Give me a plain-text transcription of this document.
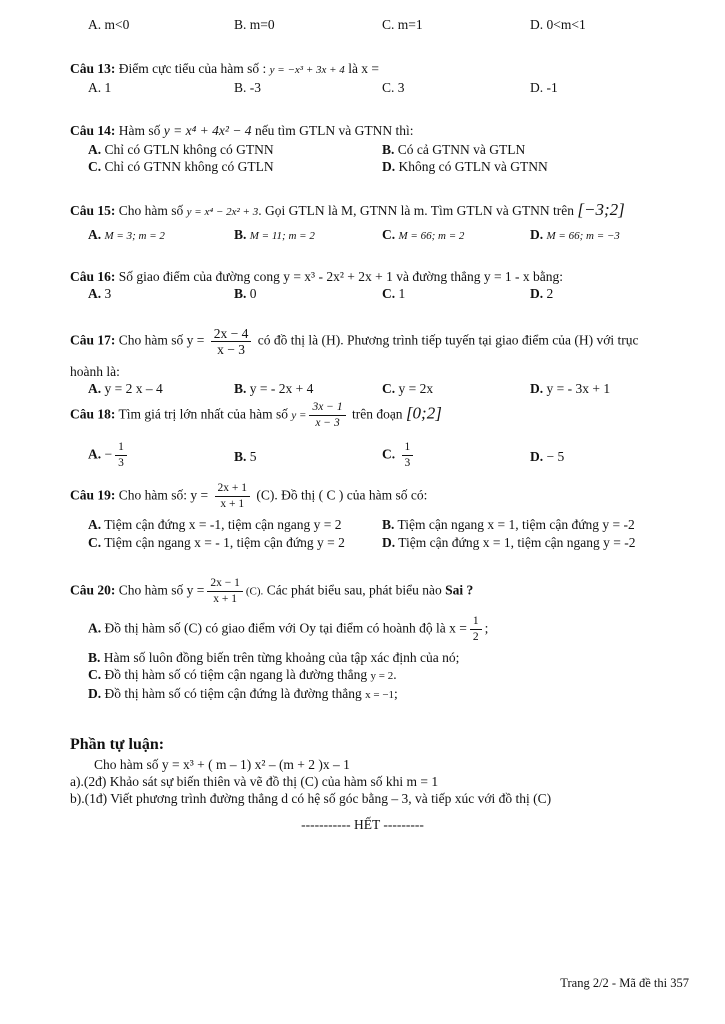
A. m<0	B. m=0	C. m=1	D. 0<m<1
Câu 13: Điểm cực tiểu của hàm số : y = −x³ + 3x + 4 là x =
A. 1	B. -3	C. 3	D. -1
Câu 14: Hàm số y = x⁴ + 4x² − 4 nếu tìm GTLN và GTNN thì:
A. Chỉ có GTLN không có GTNN	B. Có cả GTNN và GTLN
C. Chỉ có GTNN không có GTLN	D. Không có GTLN và GTNN
Câu 15: Cho hàm số y = x⁴ − 2x² + 3. Gọi GTLN là M, GTNN là m. Tìm GTLN và GTNN trên [−3;2]
A. M = 3; m = 2	B. M = 11; m = 2	C. M = 66; m = 2	D. M = 66; m = −3
Câu 16: Số giao điểm của đường cong y = x³ - 2x² + 2x + 1 và đường thẳng y = 1 - x bằng:
A. 3	B. 0	C. 1	D. 2
Câu 17: Cho hàm số $y = \frac{2x - 4}{x - 3}$ có đồ thị là (H). Phương trình tiếp tuyến tại giao điểm của (H) với trục
hoành là:
A. y = 2 x – 4	B. y = - 2x + 4	C. y = 2x	D. y = - 3x + 1
Câu 18: Tìm giá trị lớn nhất của hàm số $y = \frac{3x - 1}{x - 3}$ trên đoạn [0;2]
A. − $\frac{1}{3}$	B. 5	C. $\frac{1}{3}$	D. − 5
Câu 19: Cho hàm số: $y = \frac{2x + 1}{x + 1} (C)$. Đồ thị ( C ) của hàm số có:
A. Tiệm cận đứng x = -1, tiệm cận ngang y = 2	B. Tiệm cận ngang x = 1, tiệm cận đứng y = -2
C. Tiệm cận ngang x = - 1, tiệm cận đứng y = 2	D. Tiệm cận đứng x = 1, tiệm cận ngang y = -2
Câu 20: Cho hàm số $y = \frac{2x - 1}{x + 1} (C)$. Các phát biểu sau, phát biểu nào Sai ?
A. Đồ thị hàm số (C) có giao điểm với Oy tại điểm có hoành độ là $x = \frac{1}{2}$ ;
B. Hàm số luôn đồng biến trên từng khoảng của tập xác định của nó;
C. Đồ thị hàm số có tiệm cận ngang là đường thẳng y = 2.
D. Đồ thị hàm số có tiệm cận đứng là đường thẳng x = −1;
Phần tự luận:
Cho hàm số y = x³ + ( m – 1) x² – (m + 2 )x – 1
a).(2đ) Khảo sát sự biến thiên và vẽ đồ thị (C) của hàm số khi m = 1
b).(1đ) Viết phương trình đường thẳng d có hệ số góc bằng – 3, và tiếp xúc với đồ thị (C)
----------- HẾT ---------
Trang 2/2 - Mã đề thi 357
